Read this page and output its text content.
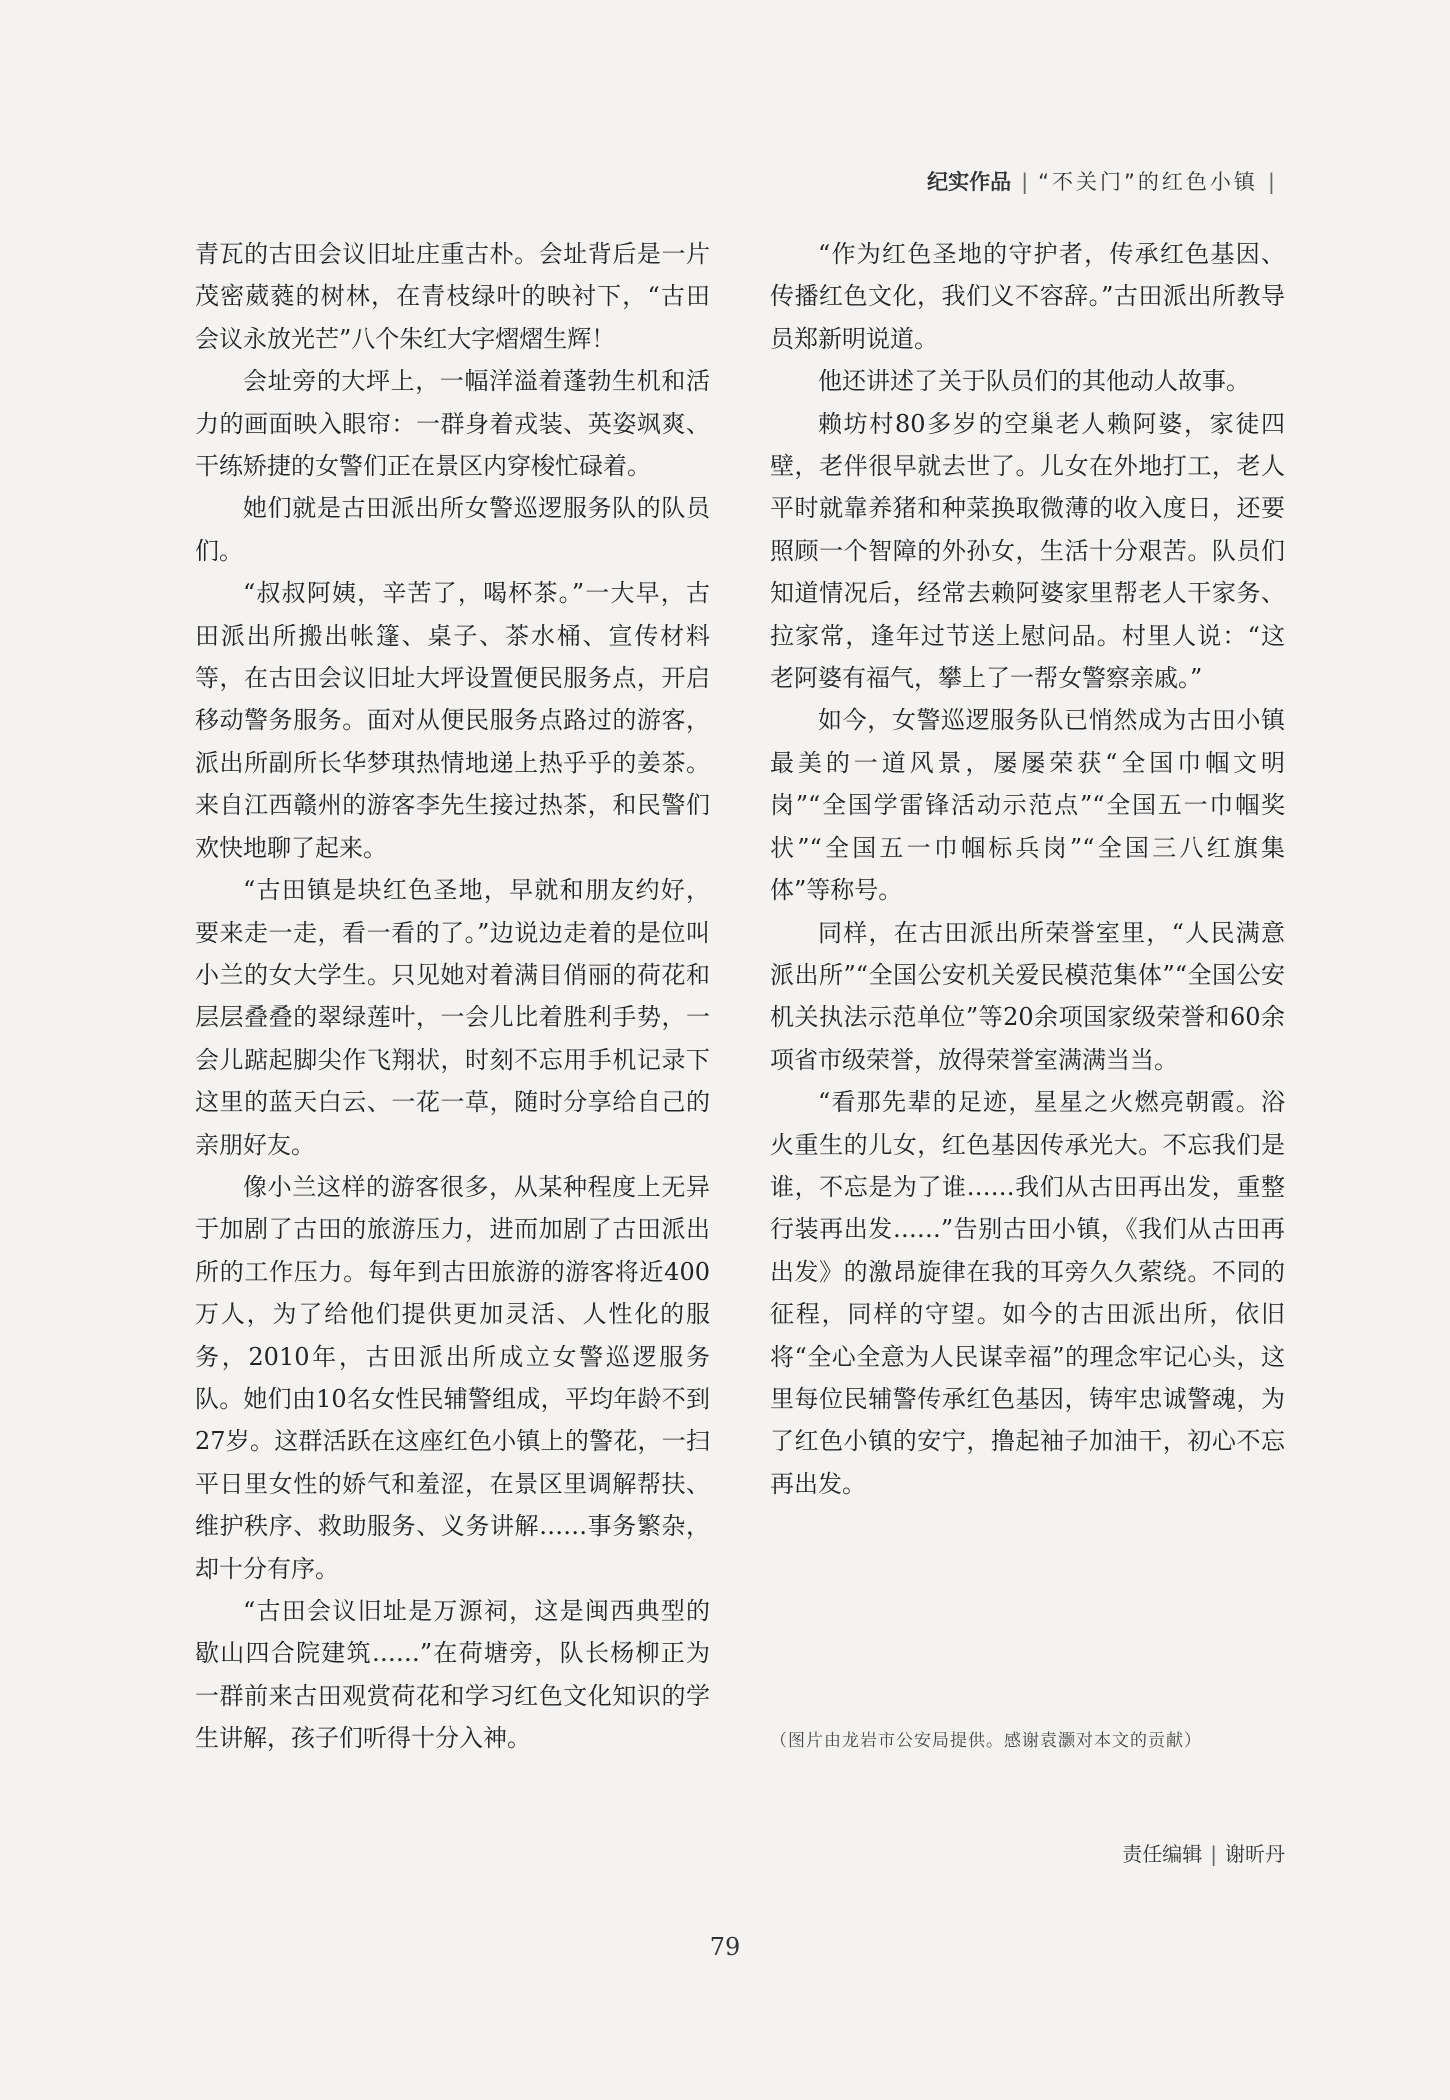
纪实作品 | “不关门”的红色小镇 |

青瓦的古田会议旧址庄重古朴。会址背后是一片茂密葳蕤的树林，在青枝绿叶的映衬下，“古田会议永放光芒”八个朱红大字熠熠生辉！

会址旁的大坪上，一幅洋溢着蓬勃生机和活力的画面映入眼帘：一群身着戎装、英姿飒爽、干练矫捷的女警们正在景区内穿梭忙碌着。

她们就是古田派出所女警巡逻服务队的队员们。

“叔叔阿姨，辛苦了，喝杯茶。”一大早，古田派出所搬出帐篷、桌子、茶水桶、宣传材料等，在古田会议旧址大坪设置便民服务点，开启移动警务服务。面对从便民服务点路过的游客，派出所副所长华梦琪热情地递上热乎乎的姜茶。来自江西赣州的游客李先生接过热茶，和民警们欢快地聊了起来。

“古田镇是块红色圣地，早就和朋友约好，要来走一走，看一看的了。”边说边走着的是位叫小兰的女大学生。只见她对着满目俏丽的荷花和层层叠叠的翠绿莲叶，一会儿比着胜利手势，一会儿踮起脚尖作飞翔状，时刻不忘用手机记录下这里的蓝天白云、一花一草，随时分享给自己的亲朋好友。

像小兰这样的游客很多，从某种程度上无异于加剧了古田的旅游压力，进而加剧了古田派出所的工作压力。每年到古田旅游的游客将近400万人，为了给他们提供更加灵活、人性化的服务，2010年，古田派出所成立女警巡逻服务队。她们由10名女性民辅警组成，平均年龄不到27岁。这群活跃在这座红色小镇上的警花，一扫平日里女性的娇气和羞涩，在景区里调解帮扶、维护秩序、救助服务、义务讲解……事务繁杂，却十分有序。

“古田会议旧址是万源祠，这是闽西典型的歇山四合院建筑……”在荷塘旁，队长杨柳正为一群前来古田观赏荷花和学习红色文化知识的学生讲解，孩子们听得十分入神。

“作为红色圣地的守护者，传承红色基因、传播红色文化，我们义不容辞。”古田派出所教导员郑新明说道。

他还讲述了关于队员们的其他动人故事。

赖坊村80多岁的空巢老人赖阿婆，家徒四壁，老伴很早就去世了。儿女在外地打工，老人平时就靠养猪和种菜换取微薄的收入度日，还要照顾一个智障的外孙女，生活十分艰苦。队员们知道情况后，经常去赖阿婆家里帮老人干家务、拉家常，逢年过节送上慰问品。村里人说：“这老阿婆有福气，攀上了一帮女警察亲戚。”

如今，女警巡逻服务队已悄然成为古田小镇最美的一道风景，屡屡荣获“全国巾帼文明岗”“全国学雷锋活动示范点”“全国五一巾帼奖状”“全国五一巾帼标兵岗”“全国三八红旗集体”等称号。

同样，在古田派出所荣誉室里，“人民满意派出所”“全国公安机关爱民模范集体”“全国公安机关执法示范单位”等20余项国家级荣誉和60余项省市级荣誉，放得荣誉室满满当当。

“看那先辈的足迹，星星之火燃亮朝霞。浴火重生的儿女，红色基因传承光大。不忘我们是谁，不忘是为了谁……我们从古田再出发，重整行装再出发……”告别古田小镇，《我们从古田再出发》的激昂旋律在我的耳旁久久萦绕。不同的征程，同样的守望。如今的古田派出所，依旧将“全心全意为人民谋幸福”的理念牢记心头，这里每位民辅警传承红色基因，铸牢忠诚警魂，为了红色小镇的安宁，撸起袖子加油干，初心不忘再出发。

（图片由龙岩市公安局提供。感谢袁灏对本文的贡献）
责任编辑 | 谢昕丹
79
